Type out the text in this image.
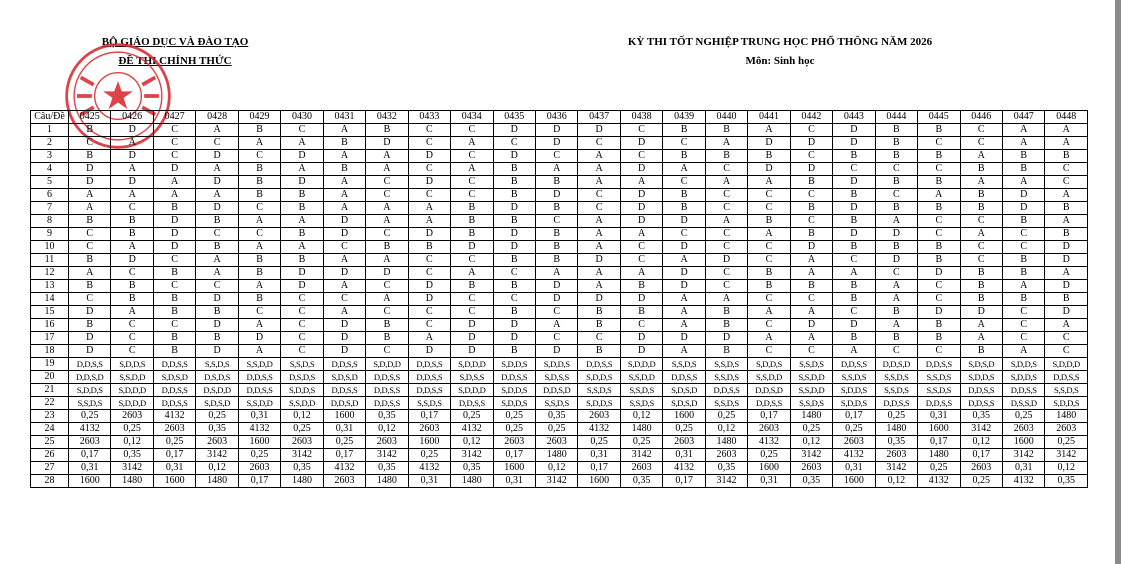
BỘ GIÁO DỤC VÀ ĐÀO TẠO
ĐỀ THI CHÍNH THỨC
KỲ THI TỐT NGHIỆP TRUNG HỌC PHỔ THÔNG NĂM 2026
Môn: Sinh học
Câu/Đề	0425	0426	0427	0428	0429	0430	0431	0432	0433	0434	0435	0436	0437	0438	0439	0440	0441	0442	0443	0444	0445	0446	0447	0448
1	B	D	C	A	B	C	A	B	C	C	D	D	D	C	B	B	A	C	D	B	B	C	A	A
2	C	A	C	C	A	A	B	D	C	A	C	D	C	D	C	A	D	D	D	B	C	C	A	A
3	B	D	C	D	C	D	A	A	D	C	D	C	A	C	B	B	B	C	B	B	B	A	B	B
4	D	A	D	A	B	A	B	A	C	A	B	A	A	D	A	C	D	D	C	C	C	B	B	C
5	D	D	A	D	B	D	A	C	D	C	B	B	A	A	C	A	A	B	D	B	B	A	A	C
6	A	A	A	A	B	B	A	C	C	C	B	D	C	D	B	C	C	C	B	C	A	B	D	A
7	A	C	B	D	C	B	A	A	A	B	D	B	C	D	B	C	C	B	D	B	B	B	D	B
8	B	B	D	B	A	A	D	A	A	B	B	C	A	D	D	A	B	C	B	A	C	C	B	A
9	C	B	D	C	C	B	D	C	D	B	D	B	A	A	C	C	A	B	D	D	C	A	C	B
10	C	A	D	B	A	A	C	B	B	D	D	B	A	C	D	C	C	D	B	B	B	C	C	D
11	B	D	C	A	B	B	A	A	C	C	B	B	D	C	A	D	C	A	C	D	B	C	B	D
12	A	C	B	A	B	D	D	D	C	A	C	A	A	A	D	C	B	A	A	C	D	B	B	A
13	B	B	C	C	A	D	A	C	D	B	B	D	A	B	D	C	B	B	B	A	C	B	A	D
14	C	B	B	D	B	C	C	A	D	C	C	D	D	D	A	A	C	C	B	A	C	B	B	B
15	D	A	B	B	C	C	A	C	C	C	B	C	B	B	A	B	A	A	C	B	D	D	C	D
16	B	C	C	D	A	C	D	B	C	D	D	A	B	C	A	B	C	D	D	A	B	A	C	A
17	D	C	B	B	D	C	D	B	A	D	D	C	C	D	D	D	A	A	B	B	B	A	C	C
18	D	C	B	D	A	C	D	C	D	D	B	D	B	D	A	B	C	C	A	C	C	B	A	C
19	D,D,S,S	S,D,D,S	D,D,S,S	S,S,D,S	S,S,D,D	S,S,D,S	D,D,S,S	S,D,D,D	D,D,S,S	S,D,D,D	S,D,D,S	S,D,D,S	D,D,S,S	S,D,D,D	S,S,D,S	S,S,D,S	S,D,D,S	S,S,D,S	D,D,S,S	D,D,S,D	D,D,S,S	S,D,S,D	S,D,D,S	S,D,D,D
20	D,D,S,D	S,S,D,D	S,D,S,D	D,S,D,S	D,D,S,S	D,S,D,S	S,D,S,D	D,D,S,S	D,D,S,S	S,D,S,S	D,D,S,S	S,D,S,S	S,D,D,S	S,S,D,D	D,D,S,S	S,S,D,S	S,S,D,D	S,S,D,D	S,S,D,S	S,S,D,S	S,S,D,S	S,D,D,S	S,D,D,S	D,D,S,S
21	S,D,D,S	S,D,D,D	D,D,S,S	D,S,D,D	D,D,S,S	S,D,D,S	D,D,S,S	D,D,S,S	D,D,S,S	S,D,D,D	S,D,D,S	D,D,S,D	S,S,D,S	S,S,D,S	S,D,S,D	D,D,S,S	D,D,S,D	S,S,D,D	S,D,D,S	S,S,D,S	S,S,D,S	D,D,S,S	D,D,S,S	S,S,D,S
22	S,S,D,S	S,D,D,D	D,D,S,S	S,D,S,D	S,S,D,D	S,S,D,D	D,D,S,D	D,D,S,S	S,S,D,S	D,D,S,S	S,D,D,S	S,S,D,S	S,D,D,S	S,S,D,S	S,D,S,D	S,S,D,S	D,D,S,S	S,S,D,S	S,D,D,S	D,D,S,S	D,D,S,S	D,D,S,S	D,S,S,D	S,D,D,S
23	0,25	2603	4132	0,25	0,31	0,12	1600	0,35	0,17	0,25	0,25	0,35	2603	0,12	1600	0,25	0,17	1480	0,17	0,25	0,31	0,35	0,25	1480
24	4132	0,25	2603	0,35	4132	0,25	0,31	0,12	2603	4132	0,25	0,25	4132	1480	0,25	0,12	2603	0,25	0,25	1480	1600	3142	2603	2603
25	2603	0,12	0,25	2603	1600	2603	0,25	2603	1600	0,12	2603	2603	0,25	0,25	2603	1480	4132	0,12	2603	0,35	0,17	0,12	1600	0,25
26	0,17	0,35	0,17	3142	0,25	3142	0,17	3142	0,25	3142	0,17	1480	0,31	3142	0,31	2603	0,25	3142	4132	2603	1480	0,17	3142	3142
27	0,31	3142	0,31	0,12	2603	0,35	4132	0,35	4132	0,35	1600	0,12	0,17	2603	4132	0,35	1600	2603	0,31	3142	0,25	2603	0,31	0,12
28	1600	1480	1600	1480	0,17	1480	2603	1480	0,31	1480	0,31	3142	1600	0,35	0,17	3142	0,31	0,35	1600	0,12	4132	0,25	4132	0,35
